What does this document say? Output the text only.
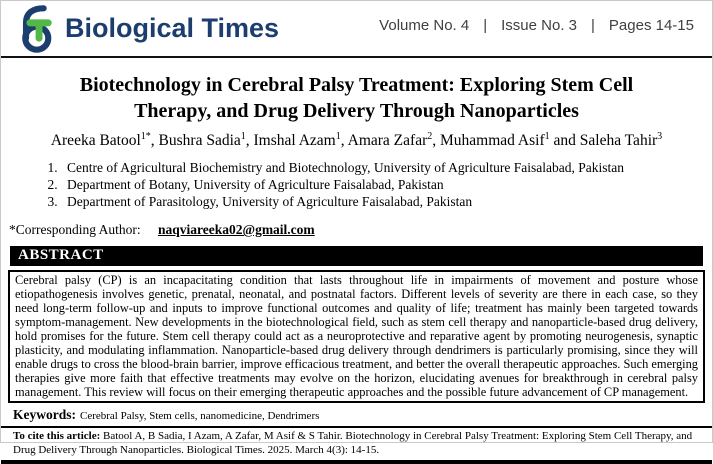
Biological Times	Volume No. 4 | Issue No. 3 | Pages 14-15
Biotechnology in Cerebral Palsy Treatment: Exploring Stem Cell
Therapy, and Drug Delivery Through Nanoparticles
Areeka Batool$^{1*}$, Bushra Sadia$^1$, Imshal Azam$^1$, Amara Zafar$^2$, Muhammad Asif$^1$ and Saleha Tahir$^3$
1. Centre of Agricultural Biochemistry and Biotechnology, University of Agriculture Faisalabad, Pakistan
2. Department of Botany, University of Agriculture Faisalabad, Pakistan
3. Department of Parasitology, University of Agriculture Faisalabad, Pakistan
*Corresponding Author: naqviareeka02@gmail.com
ABSTRACT
Cerebral palsy (CP) is an incapacitating condition that lasts throughout life in impairments of movement and posture whose etiopathogenesis involves genetic, prenatal, neonatal, and postnatal factors. Different levels of severity are there in each case, so they need long-term follow-up and inputs to improve functional outcomes and quality of life; treatment has mainly been targeted towards symptom-management. New developments in the biotechnological field, such as stem cell therapy and nanoparticle-based drug delivery, hold promises for the future. Stem cell therapy could act as a neuroprotective and reparative agent by promoting neurogenesis, synaptic plasticity, and modulating inflammation. Nanoparticle-based drug delivery through dendrimers is particularly promising, since they will enable drugs to cross the blood-brain barrier, improve efficacious treatment, and better the overall therapeutic approaches. Such emerging therapies give more faith that effective treatments may evolve on the horizon, elucidating avenues for breakthrough in cerebral palsy management. This review will focus on their emerging therapeutic approaches and the possible future advancement of CP management.
Keywords: Cerebral Palsy, Stem cells, nanomedicine, Dendrimers
To cite this article: Batool A, B Sadia, I Azam, A Zafar, M Asif & S Tahir. Biotechnology in Cerebral Palsy Treatment: Exploring Stem Cell Therapy, and Drug Delivery Through Nanoparticles. Biological Times. 2025. March 4(3): 14-15.
